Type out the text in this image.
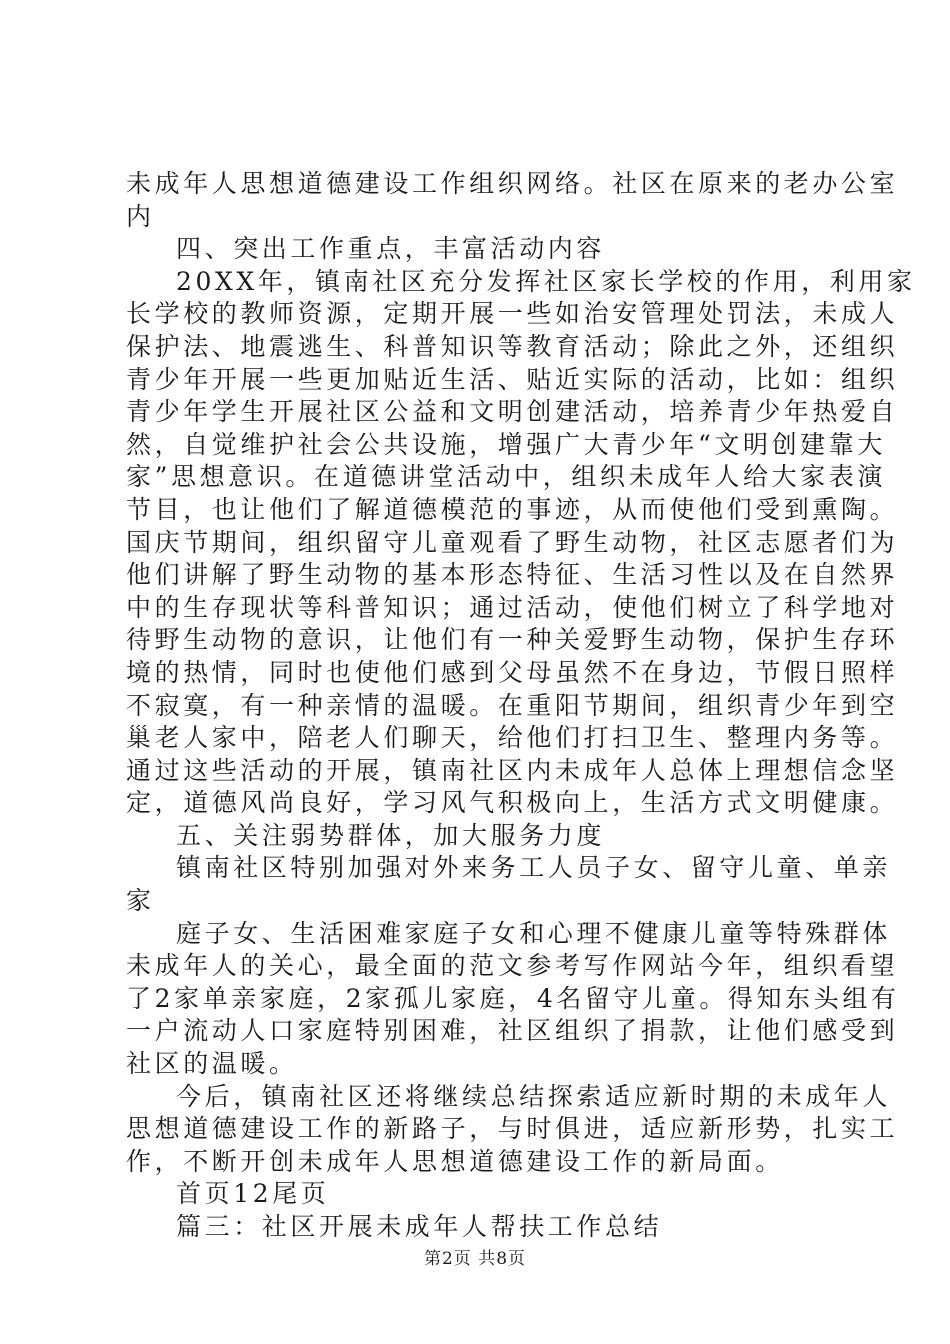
未成年人思想道德建设工作组织网络。社区在原来的老办公室
内
四、突出工作重点，丰富活动内容
20XX年，镇南社区充分发挥社区家长学校的作用，利用家
长学校的教师资源，定期开展一些如治安管理处罚法，未成人
保护法、地震逃生、科普知识等教育活动；除此之外，还组织
青少年开展一些更加贴近生活、贴近实际的活动，比如：组织
青少年学生开展社区公益和文明创建活动，培养青少年热爱自
然，自觉维护社会公共设施，增强广大青少年“文明创建靠大
家”思想意识。在道德讲堂活动中，组织未成年人给大家表演
节目，也让他们了解道德模范的事迹，从而使他们受到熏陶。
国庆节期间，组织留守儿童观看了野生动物，社区志愿者们为
他们讲解了野生动物的基本形态特征、生活习性以及在自然界
中的生存现状等科普知识；通过活动，使他们树立了科学地对
待野生动物的意识，让他们有一种关爱野生动物，保护生存环
境的热情，同时也使他们感到父母虽然不在身边，节假日照样
不寂寞，有一种亲情的温暖。在重阳节期间，组织青少年到空
巢老人家中，陪老人们聊天，给他们打扫卫生、整理内务等。
通过这些活动的开展，镇南社区内未成年人总体上理想信念坚
定，道德风尚良好，学习风气积极向上，生活方式文明健康。
五、关注弱势群体，加大服务力度
镇南社区特别加强对外来务工人员子女、留守儿童、单亲
家
庭子女、生活困难家庭子女和心理不健康儿童等特殊群体
未成年人的关心，最全面的范文参考写作网站今年，组织看望
了2家单亲家庭，2家孤儿家庭，4名留守儿童。得知东头组有
一户流动人口家庭特别困难，社区组织了捐款，让他们感受到
社区的温暖。
今后，镇南社区还将继续总结探索适应新时期的未成年人
思想道德建设工作的新路子，与时俱进，适应新形势，扎实工
作，不断开创未成年人思想道德建设工作的新局面。
首页12尾页
篇三：社区开展未成年人帮扶工作总结
第2页 共8页
